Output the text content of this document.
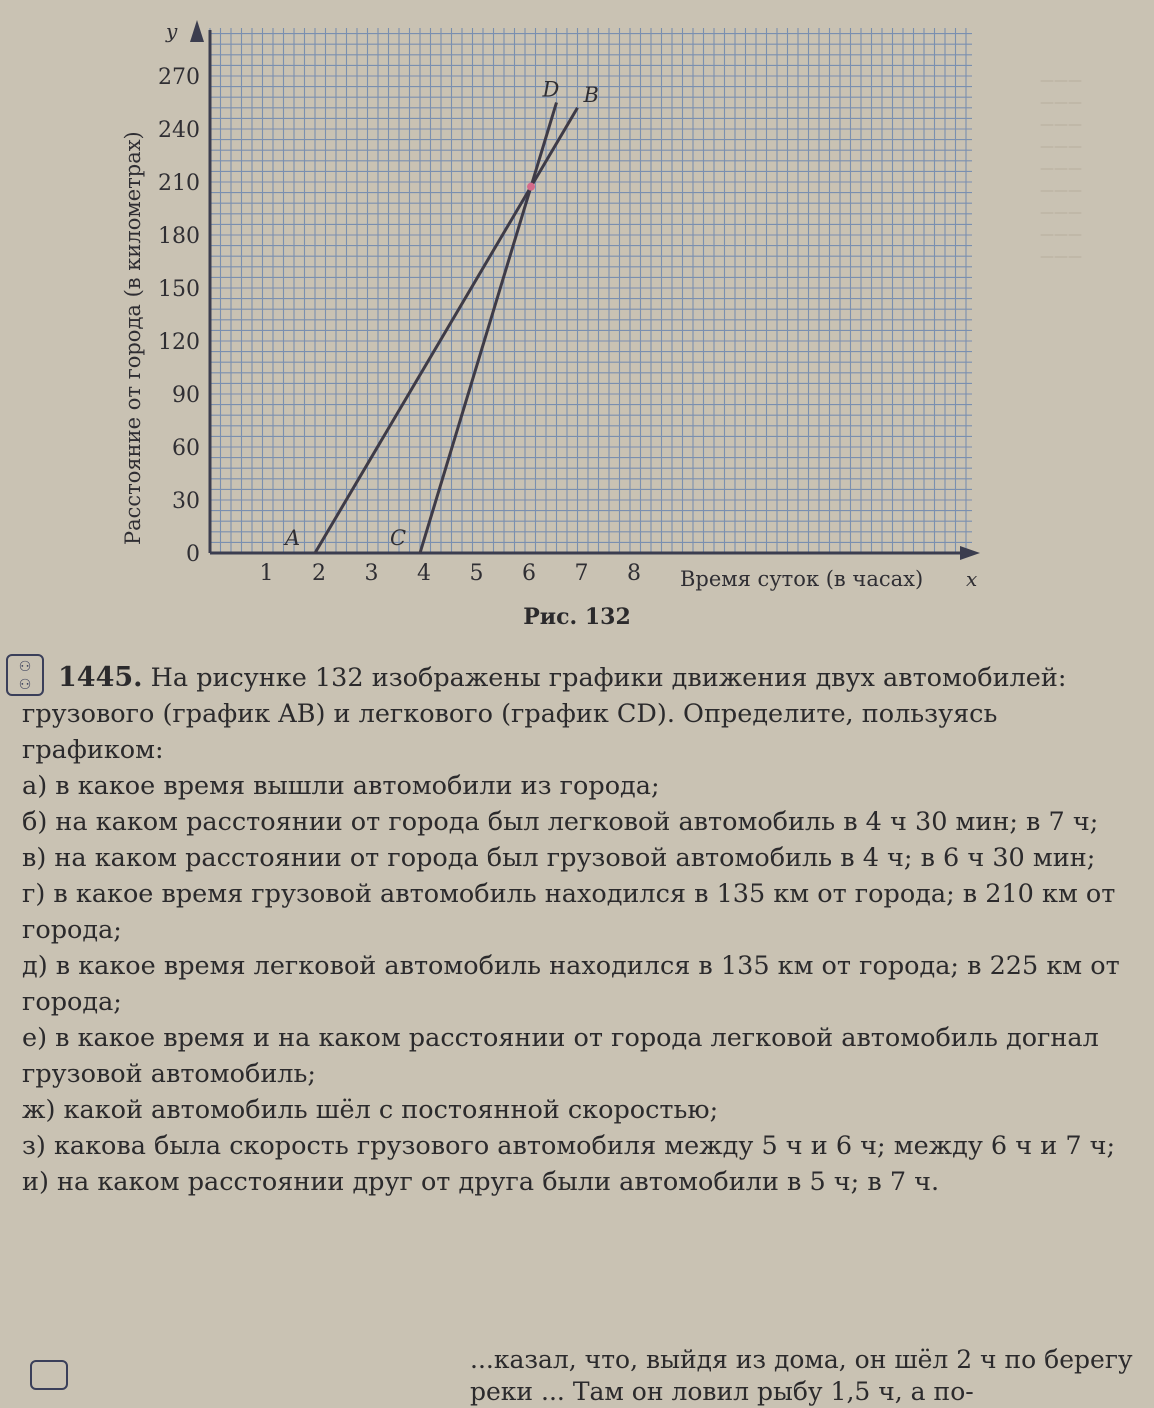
1 2 3 4 5 6 7 8
0
30
60
90
120
150
180
210
240
270
A
B
C
D
Время суток (в часах)
Расстояние от города (в километрах)
x
y
———
———
———
———
———
———
———
———
———
Рис. 132
⚇
⚇ 1445. На рисунке 132 изображены графики движения двух автомобилей: грузового (график AB) и легкового (график CD). Определите, пользуясь графиком:

а) в какое время вышли автомобили из города;

б) на каком расстоянии от города был легковой автомобиль в 4 ч 30 мин; в 7 ч;

в) на каком расстоянии от города был грузовой автомобиль в 4 ч; в 6 ч 30 мин;

г) в какое время грузовой автомобиль находился в 135 км от города; в 210 км от города;

д) в какое время легковой автомобиль находился в 135 км от города; в 225 км от города;

е) в какое время и на каком расстоянии от города легковой автомобиль догнал грузовой автомобиль;

ж) какой автомобиль шёл с постоянной скоростью;

з) какова была скорость грузового автомобиля между 5 ч и 6 ч; между 6 ч и 7 ч;

и) на каком расстоянии друг от друга были автомобили в 5 ч; в 7 ч.

...казал, что, выйдя из дома, он шёл 2 ч по берегу реки ... Там он ловил рыбу 1,5 ч, а по-
